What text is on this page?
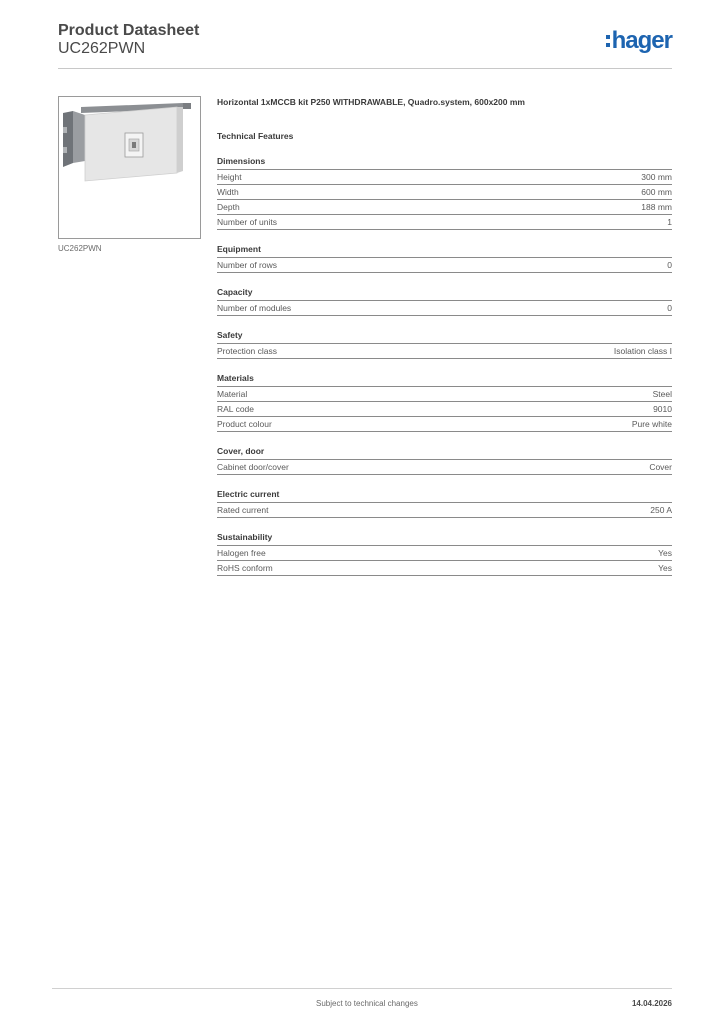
Product Datasheet
UC262PWN	hager
UC262PWN
Horizontal 1xMCCB kit P250 WITHDRAWABLE, Quadro.system, 600x200 mm
Technical Features
Dimensions
Height	300 mm
Width	600 mm
Depth	188 mm
Number of units	1
Equipment
Number of rows	0
Capacity
Number of modules	0
Safety
Protection class	Isolation class I
Materials
Material	Steel
RAL code	9010
Product colour	Pure white
Cover, door
Cabinet door/cover	Cover
Electric current
Rated current	250 A
Sustainability
Halogen free	Yes
RoHS conform	Yes
Subject to technical changes	14.04.2026
